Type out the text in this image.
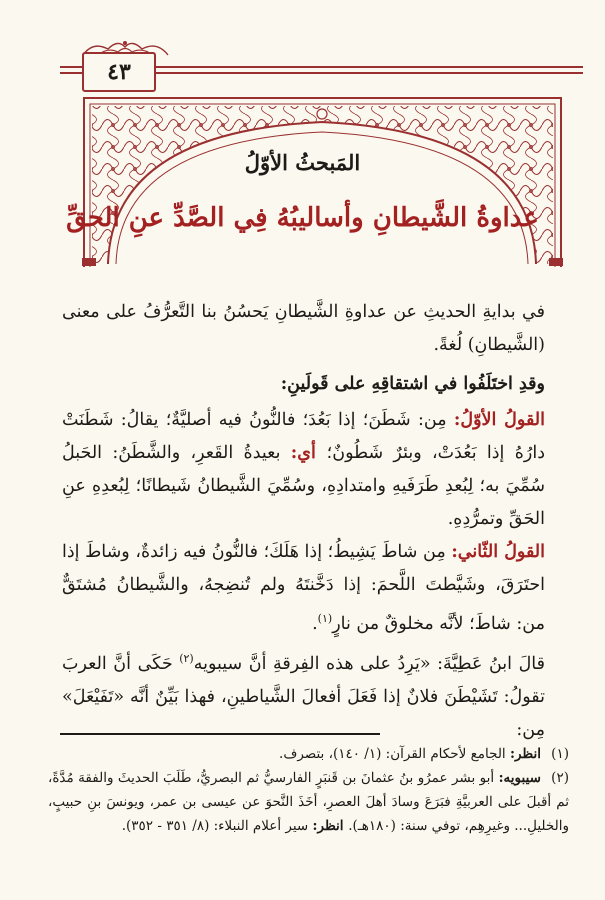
٤٣
المَبحثُ الأوّلُ
عداوةُ الشَّيطانِ وأساليبُهُ فِي الصَّدِّ عنِ الحقِّ

في بدايةِ الحديثِ عن عداوةِ الشَّيطانِ يَحسُنُ بنا التَّعرُّفُ على معنى (الشَّيطانِ) لُغةً.

وقدِ اختَلَفُوا في اشتقاقِهِ على قَولَينِ:

القولُ الأوّلُ: مِن: شَطَنَ؛ إذا بَعُدَ؛ فالنُّونُ فيه أصليَّةٌ؛ يقالُ: شَطَنَتْ دارُهُ إذا بَعُدَتْ، وبئرٌ شَطُونٌ؛ أي: بعيدةُ القَعرِ، والشَّطَنُ: الحَبلُ سُمِّيَ به؛ لِبُعدِ طَرَفَيهِ وامتدادِهِ، وسُمِّيَ الشَّيطانُ شَيطانًا؛ لِبُعدِهِ عنِ الحَقِّ وتمرُّدِهِ.

القولُ الثّاني: مِن شاطَ يَشِيطُ؛ إذا هَلَكَ؛ فالنُّونُ فيه زائدةٌ، وشاطَ إذا احتَرَقَ، وشَيَّطتَ اللَّحمَ: إذا دَخَّنتَهُ ولم تُنضِجهُ، والشَّيطانُ مُشتَقٌّ من: شاطَ؛ لأنَّه مخلوقٌ من نارٍ$^{(١)}$.

قالَ ابنُ عَطِيَّةَ: «يَرِدُ على هذه الفِرقةِ أنَّ سيبويه$^{(٢)}$ حَكَى أنَّ العربَ تقولُ: تَشَيْطَنَ فلانٌ إذا فَعَلَ أفعالَ الشَّياطينِ، فهذا بَيِّنٌ أنَّه «تَفَيْعَلَ» مِن:

(١)انظر: الجامع لأحكام القرآن: (١/ ١٤٠)، بتصرف.

(٢)سيبويه: أبو بشر عمرُو بنُ عثمانَ بن قَنبَرٍ الفارسيُّ ثم البصريُّ، طَلَبَ الحديثَ والفقهَ مُدَّةً، ثم أقبلَ على العربيَّةِ فبَرَعَ وسادَ أهلَ العصرِ، أخَذَ النَّحوَ عن عيسى بن عمر، ويونسَ بنِ حبيبٍ، والخليلِ... وغيرِهِم، توفي سنة: (١٨٠هـ). انظر: سير أعلام النبلاء: (٨/ ٣٥١ - ٣٥٢).
